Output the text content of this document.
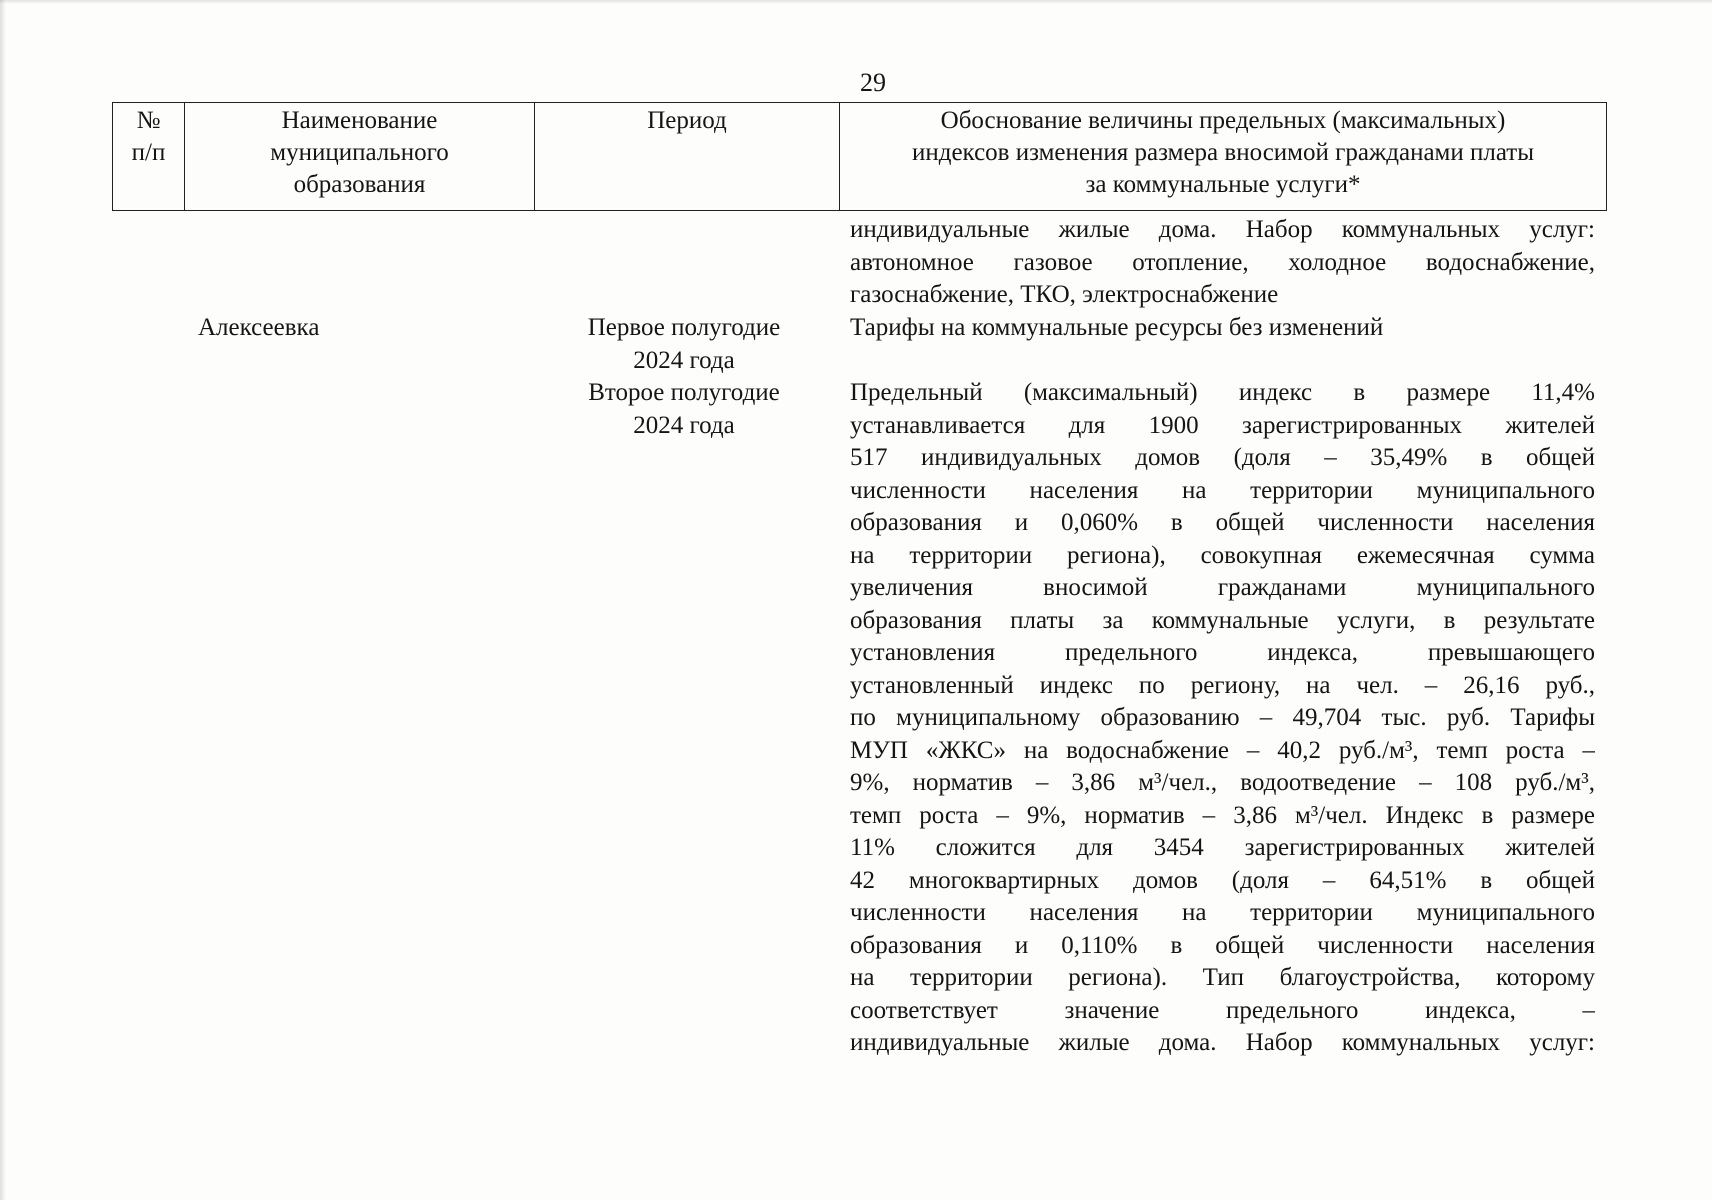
29
№
п/п
Наименование
муниципального
образования
Период	Обоснование величины предельных (максимальных)
индексов изменения размера вносимой гражданами платы
за коммунальные услуги*
индивидуальные жилые дома. Набор коммунальных услуг:
автономное газовое отопление, холодное водоснабжение,
газоснабжение, ТКО, электроснабжение
Алексеевка	Первое полугодие
2024 года
Тарифы на коммунальные ресурсы без изменений
Второе полугодие
2024 года
Предельный (максимальный) индекс в размере 11,4%
устанавливается для 1900 зарегистрированных жителей
517 индивидуальных домов (доля – 35,49% в общей
численности населения на территории муниципального
образования и 0,060% в общей численности населения
на территории региона), совокупная ежемесячная сумма
увеличения вносимой гражданами муниципального
образования платы за коммунальные услуги, в результате
установления предельного индекса, превышающего
установленный индекс по региону, на чел. – 26,16 руб.,
по муниципальному образованию – 49,704 тыс. руб. Тарифы
МУП «ЖКС» на водоснабжение – 40,2 руб./м³, темп роста –
9%, норматив – 3,86 м³/чел., водоотведение – 108 руб./м³,
темп роста – 9%, норматив – 3,86 м³/чел. Индекс в размере
11% сложится для 3454 зарегистрированных жителей
42 многоквартирных домов (доля – 64,51% в общей
численности населения на территории муниципального
образования и 0,110% в общей численности населения
на территории региона). Тип благоустройства, которому
соответствует значение предельного индекса, –
индивидуальные жилые дома. Набор коммунальных услуг:
